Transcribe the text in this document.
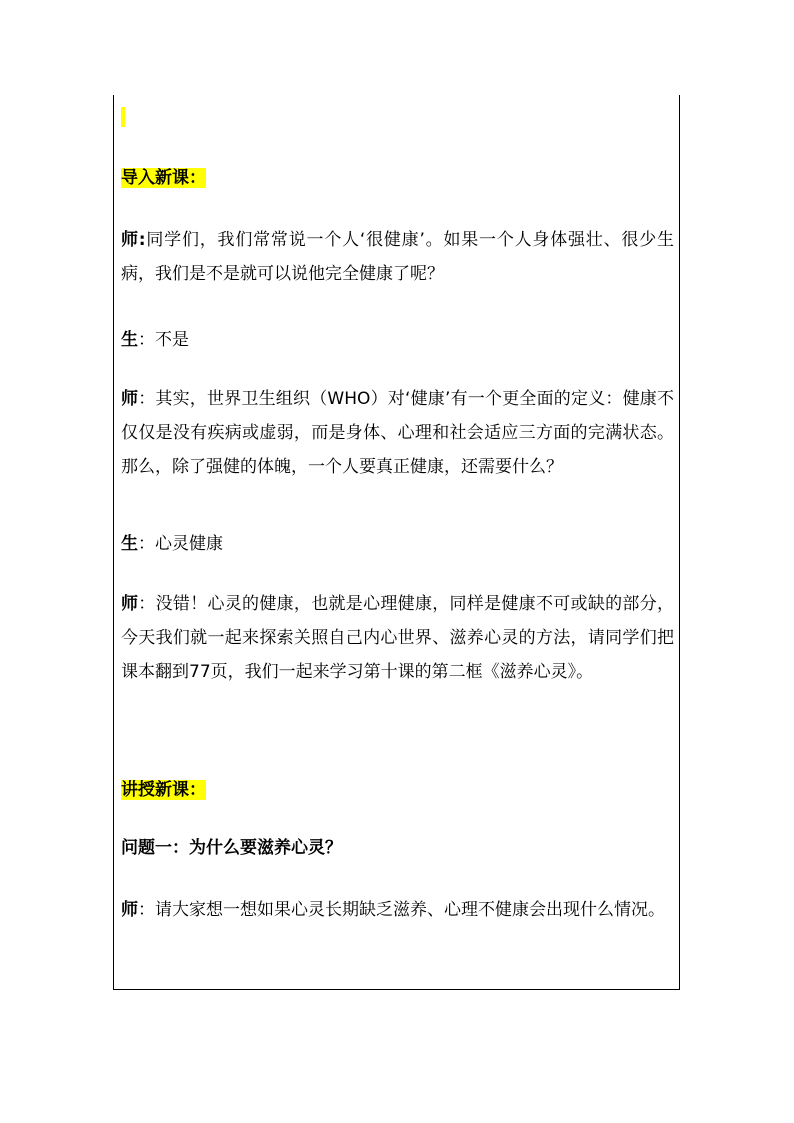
导入新课：

师:同学们，我们常常说一个人‘很健康’。如果一个人身体强壮、很少生病，我们是不是就可以说他完全健康了呢？

生：不是

师：其实，世界卫生组织（WHO）对‘健康’有一个更全面的定义：健康不仅仅是没有疾病或虚弱，而是身体、心理和社会适应三方面的完满状态。那么，除了强健的体魄，一个人要真正健康，还需要什么？

生：心灵健康

师：没错！心灵的健康，也就是心理健康，同样是健康不可或缺的部分，今天我们就一起来探索关照自己内心世界、滋养心灵的方法，请同学们把课本翻到77页，我们一起来学习第十课的第二框《滋养心灵》。

讲授新课：

问题一：为什么要滋养心灵？

师：请大家想一想如果心灵长期缺乏滋养、心理不健康会出现什么情况。
